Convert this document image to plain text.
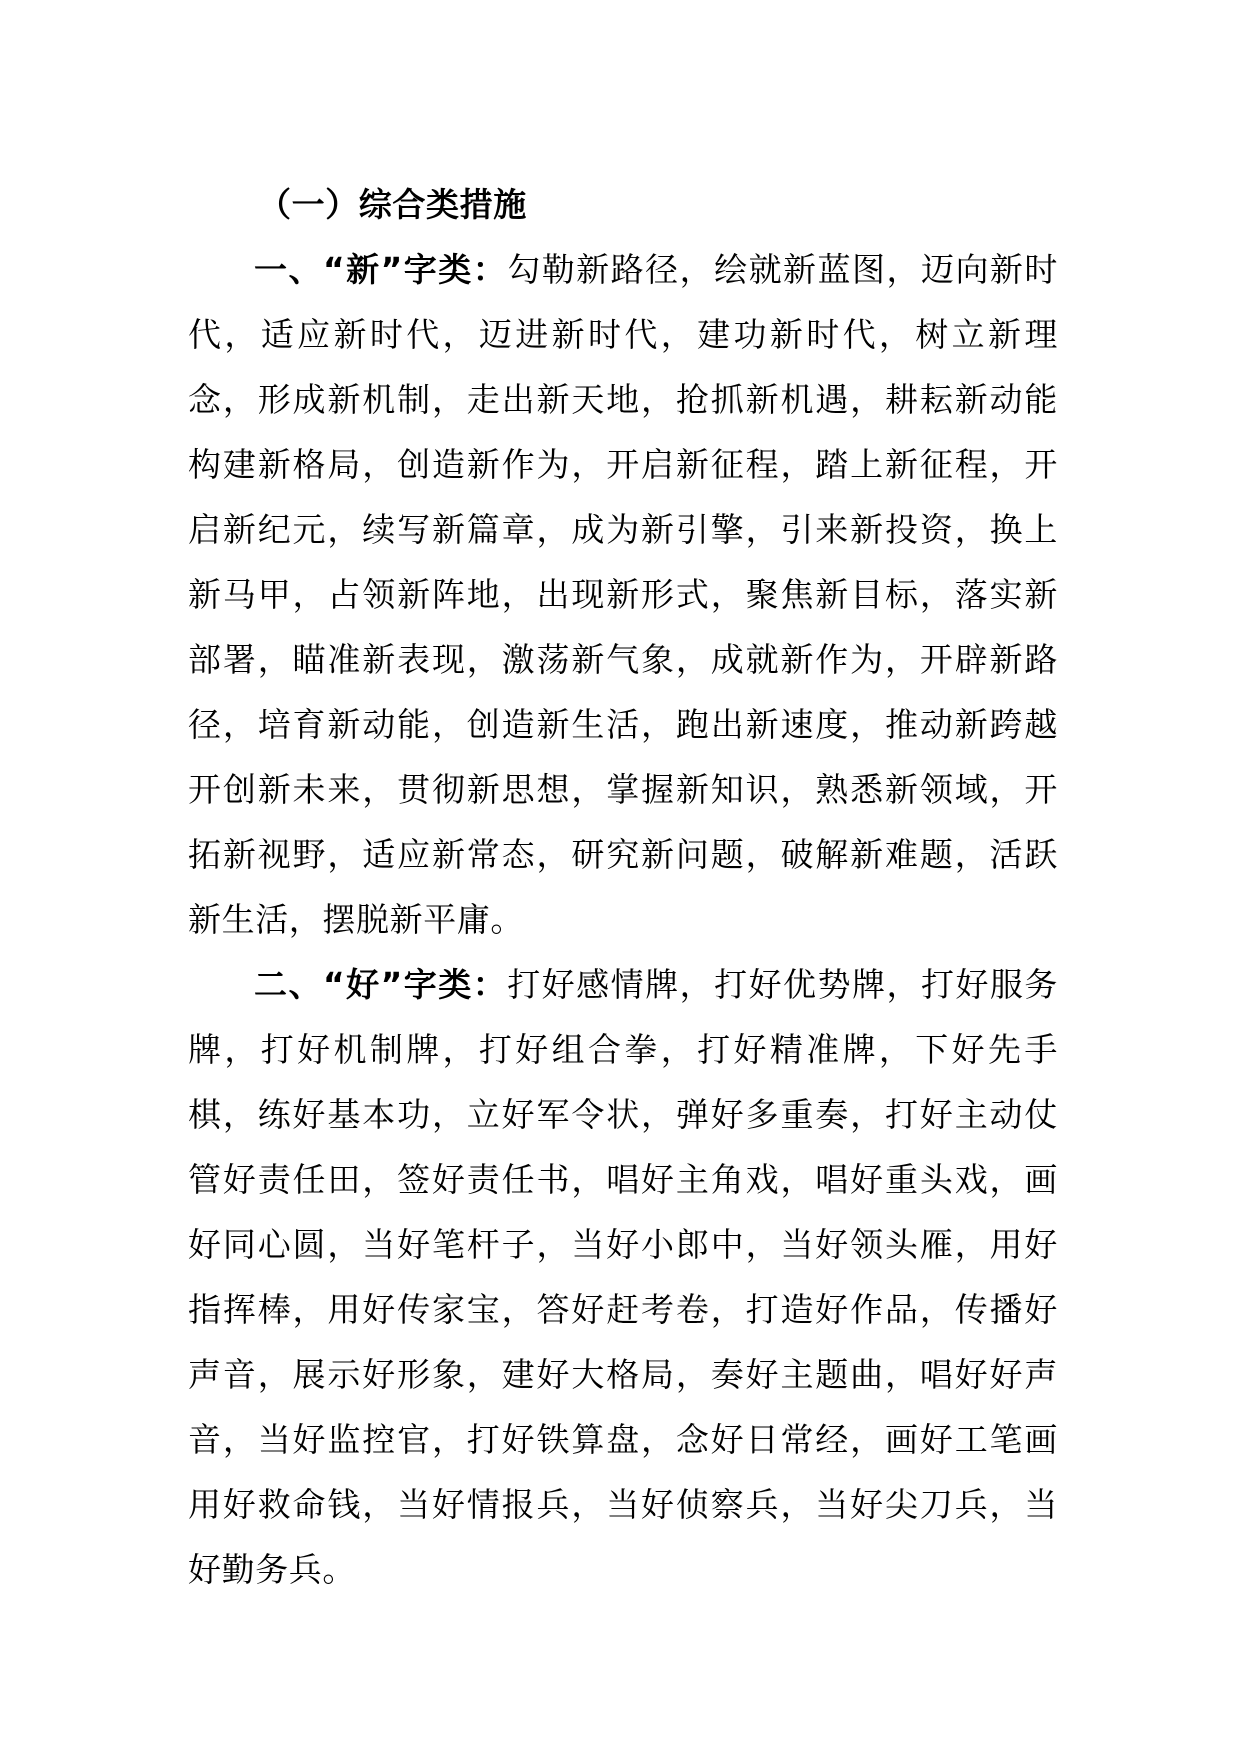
（一）综合类措施

一、“新”字类：勾勒新路径，绘就新蓝图，迈向新时代，适应新时代，迈进新时代，建功新时代，树立新理念，形成新机制，走出新天地，抢抓新机遇，耕耘新动能构建新格局，创造新作为，开启新征程，踏上新征程，开启新纪元，续写新篇章，成为新引擎，引来新投资，换上新马甲，占领新阵地，出现新形式，聚焦新目标，落实新部署，瞄准新表现，激荡新气象，成就新作为，开辟新路径，培育新动能，创造新生活，跑出新速度，推动新跨越开创新未来，贯彻新思想，掌握新知识，熟悉新领域，开拓新视野，适应新常态，研究新问题，破解新难题，活跃新生活，摆脱新平庸。

二、“好”字类：打好感情牌，打好优势牌，打好服务牌，打好机制牌，打好组合拳，打好精准牌，下好先手棋，练好基本功，立好军令状，弹好多重奏，打好主动仗管好责任田，签好责任书，唱好主角戏，唱好重头戏，画好同心圆，当好笔杆子，当好小郎中，当好领头雁，用好指挥棒，用好传家宝，答好赶考卷，打造好作品，传播好声音，展示好形象，建好大格局，奏好主题曲，唱好好声音，当好监控官，打好铁算盘，念好日常经，画好工笔画用好救命钱，当好情报兵，当好侦察兵，当好尖刀兵，当好勤务兵。
